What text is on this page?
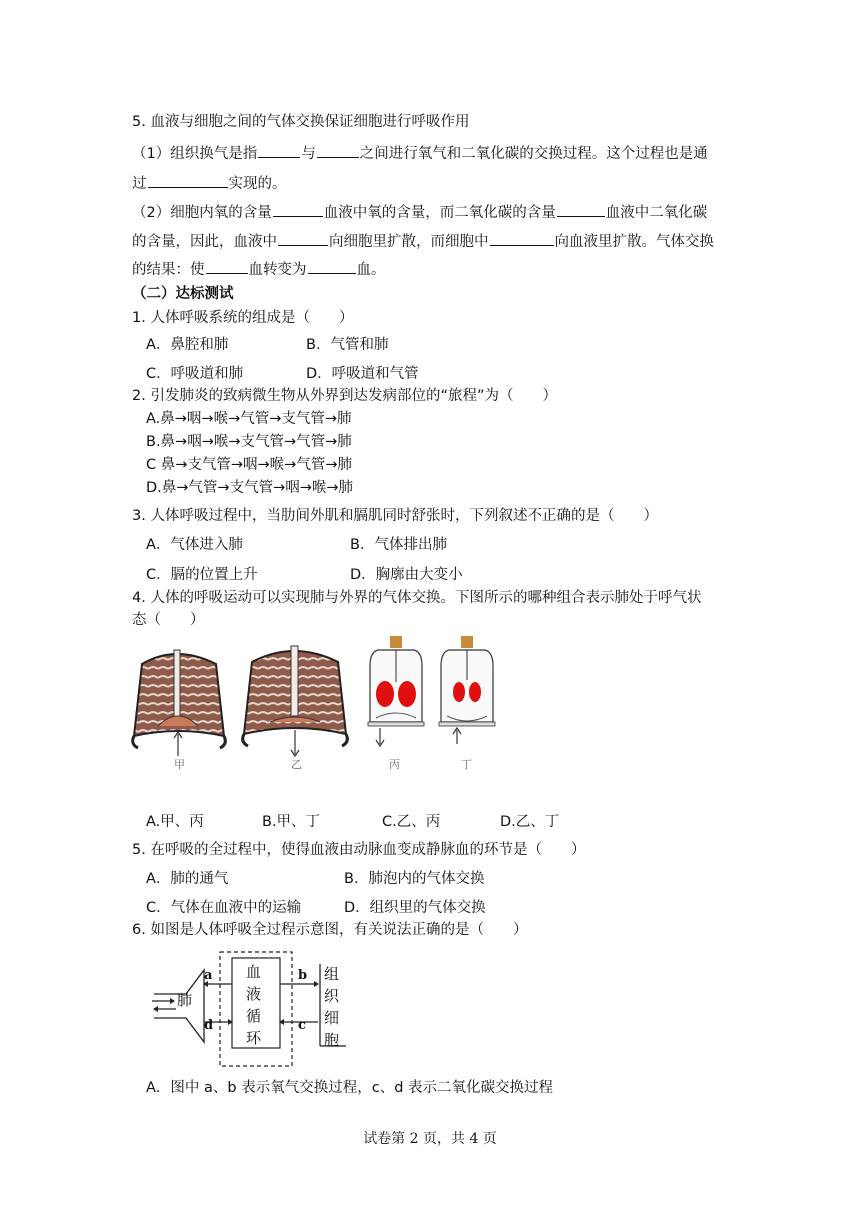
5. 血液与细胞之间的气体交换保证细胞进行呼吸作用
（1）组织换气是指	与	之间进行氧气和二氧化碳的交换过程。这个过程也是通
过	实现的。
（2）细胞内氧的含量	血液中氧的含量，而二氧化碳的含量	血液中二氧化碳
的含量，因此，血液中	向细胞里扩散，而细胞中	向血液里扩散。气体交换
的结果：使	血转变为	血。
（二）达标测试
1. 人体呼吸系统的组成是（　　）
A．鼻腔和肺	B．气管和肺
C．呼吸道和肺	D．呼吸道和气管
2. 引发肺炎的致病微生物从外界到达发病部位的“旅程”为（　　）
A.鼻→咽→喉→气管→支气管→肺
B.鼻→咽→喉→支气管→气管→肺
C 鼻→支气管→咽→喉→气管→肺
D.鼻→气管→支气管→咽→喉→肺
3. 人体呼吸过程中，当肋间外肌和膈肌同时舒张时，下列叙述不正确的是（　　）
A．气体进入肺	B．气体排出肺
C．膈的位置上升	D．胸廓由大变小
4. 人体的呼吸运动可以实现肺与外界的气体交换。下图所示的哪种组合表示肺处于呼气状
态（　　）
甲	乙	丙	丁
A.甲、丙	B.甲、丁	C.乙、丙	D.乙、丁
5. 在呼吸的全过程中，使得血液由动脉血变成静脉血的环节是（　　）
A．肺的通气	B．肺泡内的气体交换
C．气体在血液中的运输	D．组织里的气体交换
6. 如图是人体呼吸全过程示意图，有关说法正确的是（　　）
肺
血
液
循
环
组
织
细
胞
a
d
b
c
A．图中 a、b 表示氧气交换过程，c、d 表示二氧化碳交换过程
试卷第 2 页，共 4 页
